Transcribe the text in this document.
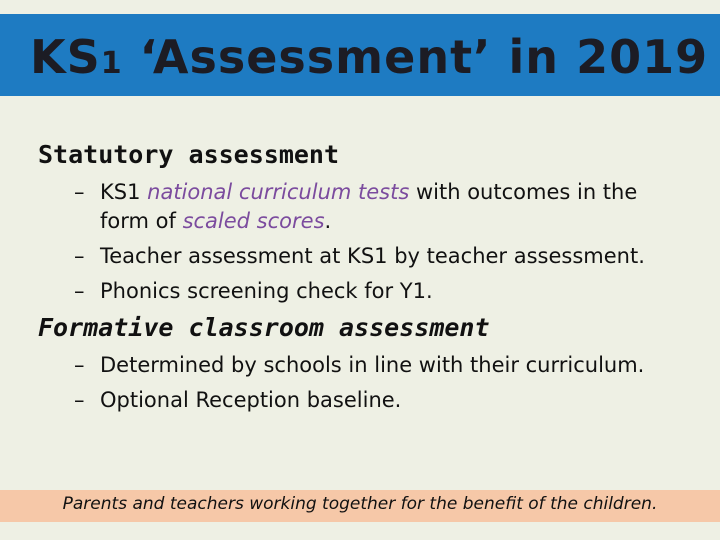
KS1 ‘Assessment’ in 2019
Statutory assessment
– KS1 national curriculum tests with outcomes in the
form of scaled scores.
– Teacher assessment at KS1 by teacher assessment.
– Phonics screening check for Y1.
Formative classroom assessment
– Determined by schools in line with their curriculum.
– Optional Reception baseline.
Parents and teachers working together for the benefit of the children.
